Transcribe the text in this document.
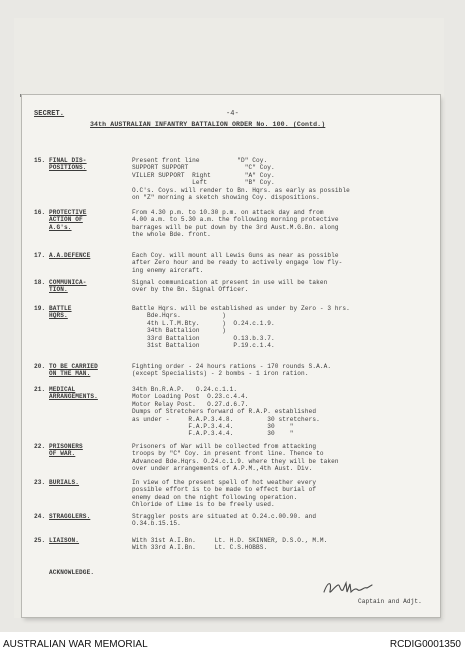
SECRET.

	-4-

34th AUSTRALIAN INFANTRY BATTALION ORDER No. 100. (Contd.)

15. FINAL DIS-
POSITIONS.
Present front line          "D" Coy.
SUPPORT SUPPORT               "C" Coy.
VILLER SUPPORT  Right         "A" Coy.
Left          "B" Coy.
O.C's. Coys. will render to Bn. Hqrs. as early as possible
on "Z" morning a sketch showing Coy. dispositions.
16. PROTECTIVE
ACTION OF
A.G's.
From 4.30 p.m. to 10.30 p.m. on attack day and from
4.00 a.m. to 5.30 a.m. the following morning protective
barrages will be put down by the 3rd Aust.M.G.Bn. along
the whole Bde. front.
17. A.A.DEFENCE	Each Coy. will mount all Lewis Guns as near as possible
after Zero hour and be ready to actively engage low fly-
ing enemy aircraft.
18. COMMUNICA-
TION.
Signal communication at present in use will be taken
over by the Bn. Signal Officer.
19. BATTLE
HQRS.
Battle Hqrs. will be established as under by Zero - 3 hrs.
Bde.Hqrs.           )
4th L.T.M.Bty.      )  O.24.c.1.9.
34th Battalion      )
33rd Battalion         O.13.b.3.7.
31st Battalion         P.19.c.1.4.
20. TO BE CARRIED
ON THE MAN.
Fighting order - 24 hours rations - 170 rounds S.A.A.
(except Specialists) - 2 bombs - 1 iron ration.
21. MEDICAL
ARRANGEMENTS.
34th Bn.R.A.P.   O.24.c.1.1.
Motor Loading Post  O.23.c.4.4.
Motor Relay Post.   O.27.d.6.7.
Dumps of Stretchers forward of R.A.P. established
as under -     R.A.P.3.4.8.         30 stretchers.
F.A.P.3.4.4.         30    "
F.A.P.3.4.4.         30    "
22. PRISONERS
OF WAR.
Prisoners of War will be collected from attacking
troops by "C" Coy. in present front line. Thence to
Advanced Bde.Hqrs. O.24.c.1.9. where they will be taken
over under arrangements of A.P.M.,4th Aust. Div.
23. BURIALS.	In view of the present spell of hot weather every
possible effort is to be made to effect burial of
enemy dead on the night following operation.
Chloride of Lime is to be freely used.
24. STRAGGLERS.	Straggler posts are situated at O.24.c.00.90. and
O.34.b.15.15.
25. LIAISON.	With 31st A.I.Bn.     Lt. H.D. SKINNER, D.S.O., M.M.
With 33rd A.I.Bn.     Lt. C.S.HOBBS.
ACKNOWLEDGE.
Captain and Adjt.
AUSTRALIAN WAR MEMORIAL	RCDIG0001350
